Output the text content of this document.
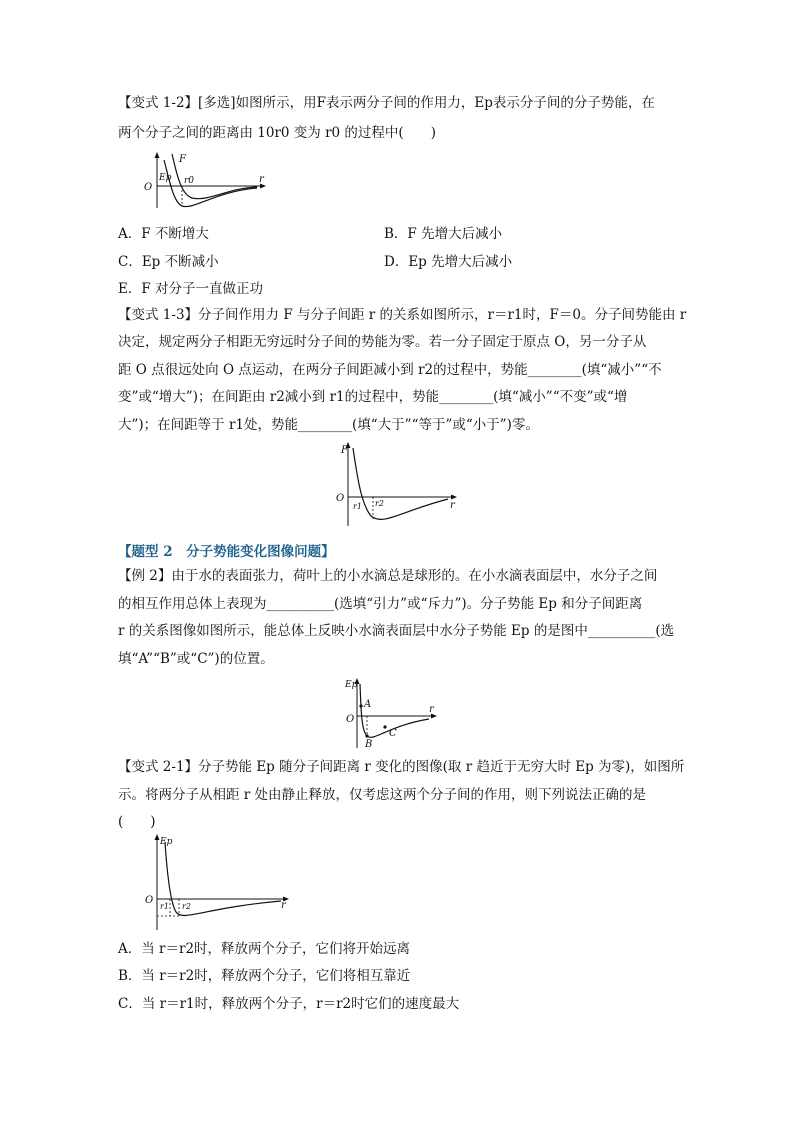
【变式 1-2】[多选]如图所示，用F表示两分子间的作用力，Ep表示分子间的分子势能，在
两个分子之间的距离由 10r0 变为 r0 的过程中(　　)
O
Ep
F
r0	r
A．F 不断增大	B．F 先增大后减小
C．Ep 不断减小	D．Ep 先增大后减小
E．F 对分子一直做正功
【变式 1-3】分子间作用力 F 与分子间距 r 的关系如图所示，r＝r1时，F＝0。分子间势能由 r
决定，规定两分子相距无穷远时分子间的势能为零。若一分子固定于原点 O，另一分子从
距 O 点很远处向 O 点运动，在两分子间距减小到 r2的过程中，势能________(填“减小”“不
变”或“增大”)；在间距由 r2减小到 r1的过程中，势能________(填“减小”“不变”或“增
大”)；在间距等于 r1处，势能________(填“大于”“等于”或“小于”)零。
F
O
r1 r2	r
【题型 2　分子势能变化图像问题】
【例 2】由于水的表面张力，荷叶上的小水滴总是球形的。在小水滴表面层中，水分子之间
的相互作用总体上表现为__________(选填“引力”或“斥力”)。分子势能 Ep 和分子间距离
r 的关系图像如图所示，能总体上反映小水滴表面层中水分子势能 Ep 的是图中__________(选
填“A”“B”或“C”)的位置。
Ep
A
O
B
C
r
【变式 2-1】分子势能 Ep 随分子间距离 r 变化的图像(取 r 趋近于无穷大时 Ep 为零)，如图所
示。将两分子从相距 r 处由静止释放，仅考虑这两个分子间的作用，则下列说法正确的是
(　　)
Ep
O
r1 r2	r
A．当 r＝r2时，释放两个分子，它们将开始远离
B．当 r＝r2时，释放两个分子，它们将相互靠近
C．当 r＝r1时，释放两个分子，r＝r2时它们的速度最大
